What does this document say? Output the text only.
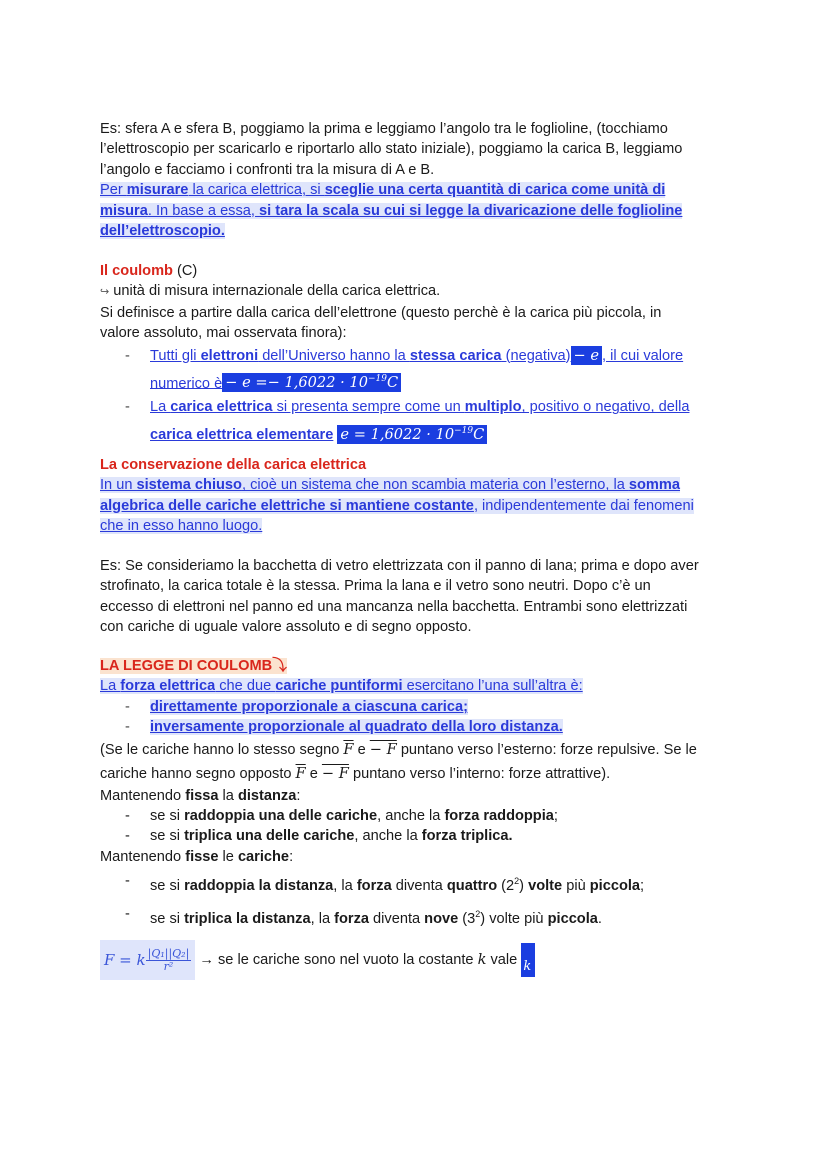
Es: sfera A e sfera B, poggiamo la prima e leggiamo l’angolo tra le foglioline, (tocchiamo

l’elettroscopio per scaricarlo e riportarlo allo stato iniziale), poggiamo la carica B, leggiamo

l’angolo e facciamo i confronti tra la misura di A e B.

Per misurare la carica elettrica, si sceglie una certa quantità di carica come unità di
misura. In base a essa, si tara la scala su cui si legge la divaricazione delle foglioline
dell’elettroscopio.

Il coulomb (C)

↪ unità di misura internazionale della carica elettrica.

Si definisce a partire dalla carica dell’elettrone (questo perchè è la carica più piccola, in

valore assoluto, mai osservata finora):

- Tutti gli elettroni dell’Universo hanno la stessa carica (negativa) − e , il cui valore
numerico è − $e =- 1,6022 \cdot 10^{-19}C$
- La carica elettrica si presenta sempre come un multiplo, positivo o negativo, della
carica elettrica elementare $e = 1,6022 \cdot 10^{-19}C$

La conservazione della carica elettrica

In un sistema chiuso, cioè un sistema che non scambia materia con l’esterno, la somma
algebrica delle cariche elettriche si mantiene costante, indipendentemente dai fenomeni
che in esso hanno luogo.

Es: Se consideriamo la bacchetta di vetro elettrizzata con il panno di lana; prima e dopo aver

strofinato, la carica totale è la stessa. Prima la lana e il vetro sono neutri. Dopo c’è un

eccesso di elettroni nel panno ed una mancanza nella bacchetta. Entrambi sono elettrizzati

con cariche di uguale valore assoluto e di segno opposto.

LA LEGGE DI COULOMB⤵

La forza elettrica che due cariche puntiformi esercitano l’una sull’altra è:

- direttamente proporzionale a ciascuna carica;
- inversamente proporzionale al quadrato della loro distanza.

(Se le cariche hanno lo stesso segno $\overline{F}$ e − F puntano verso l’esterno: forze repulsive. Se le
cariche hanno segno opposto $\overline{F}$ e − F puntano verso l’interno: forze attrattive).

Mantenendo fissa la distanza:

- se si raddoppia una delle cariche, anche la forza raddoppia;
- se si triplica una delle cariche, anche la forza triplica.

Mantenendo fisse le cariche:

- se si raddoppia la distanza, la forza diventa quattro $(2^2)$ volte più piccola;
- se si triplica la distanza, la forza diventa nove $(3^2)$ volte più piccola.
F = k $\frac{\text{|Q₁||Q₂|}}{\text{r²}}$ → se le cariche sono nel vuoto la costante k vale k
0
